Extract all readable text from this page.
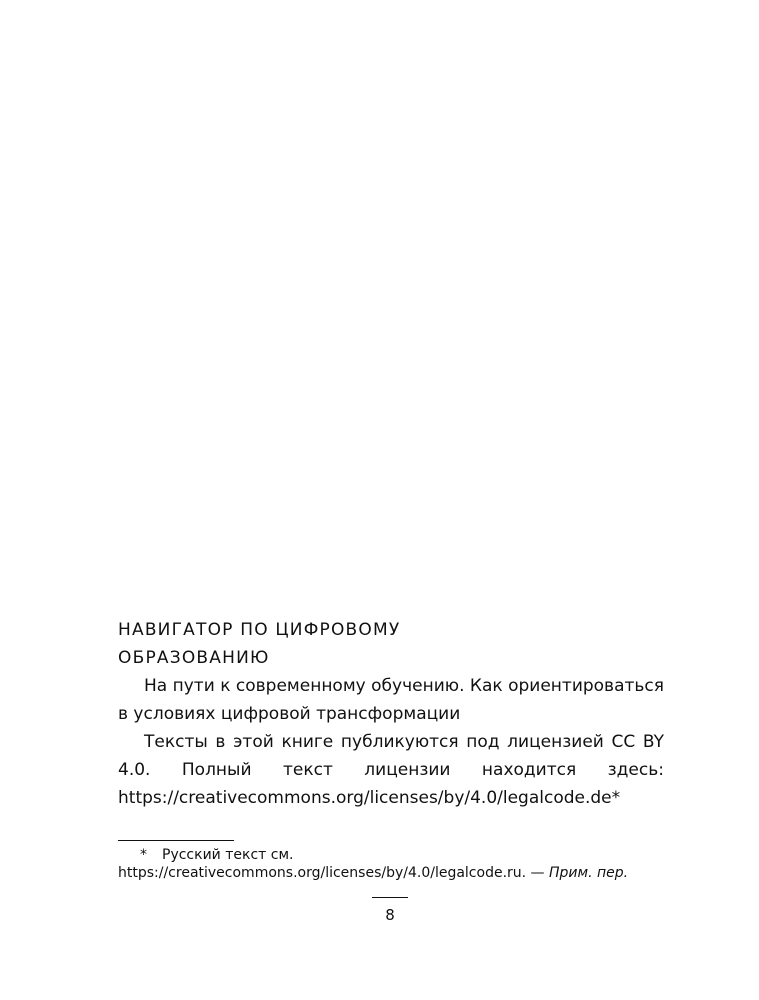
НАВИГАТОР ПО ЦИФРОВОМУ
ОБРАЗОВАНИЮ

На пути к современному обучению. Как ориентироваться в условиях цифровой трансформации

Тексты в этой книге публикуются под лицензией CC BY 4.0. Полный текст лицензии находится здесь: https://creativecommons.org/licenses/by/4.0/legalcode.de*

* Русский текст см. https://creativecommons.org/licenses/by/4.0/legalcode.ru. — Прим. пер.
8
